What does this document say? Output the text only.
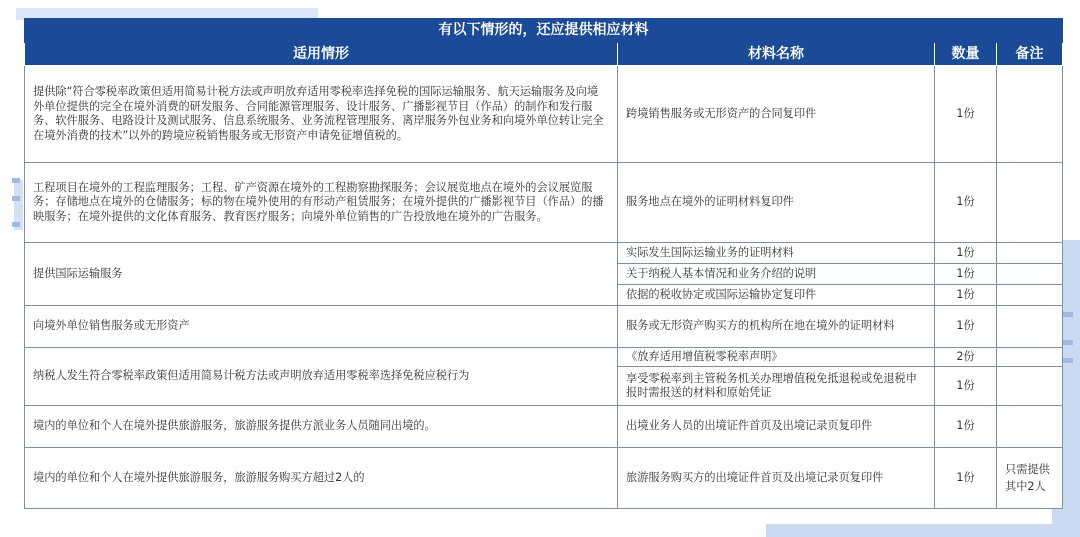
有以下情形的，还应提供相应材料			
适用情形	材料名称	数量	备注
提供除“符合零税率政策但适用简易计税方法或声明放弃适用零税率选择免税的国际运输服务、航天运输服务及向境外单位提供的完全在境外消费的研发服务、合同能源管理服务、设计服务、广播影视节目（作品）的制作和发行服务、软件服务、电路设计及测试服务、信息系统服务、业务流程管理服务、离岸服务外包业务和向境外单位转让完全在境外消费的技术”以外的跨境应税销售服务或无形资产申请免征增值税的。	跨境销售服务或无形资产的合同复印件	1份	
工程项目在境外的工程监理服务；工程、矿产资源在境外的工程勘察勘探服务；会议展览地点在境外的会议展览服务；存储地点在境外的仓储服务；标的物在境外使用的有形动产租赁服务；在境外提供的广播影视节目（作品）的播映服务；在境外提供的文化体育服务、教育医疗服务；向境外单位销售的广告投放地在境外的广告服务。	服务地点在境外的证明材料复印件	1份	
提供国际运输服务	实际发生国际运输业务的证明材料	1份	
	关于纳税人基本情况和业务介绍的说明	1份	
	依据的税收协定或国际运输协定复印件	1份	
向境外单位销售服务或无形资产	服务或无形资产购买方的机构所在地在境外的证明材料	1份	
纳税人发生符合零税率政策但适用简易计税方法或声明放弃适用零税率选择免税应税行为	《放弃适用增值税零税率声明》	2份	
	享受零税率到主管税务机关办理增值税免抵退税或免退税申报时需报送的材料和原始凭证	1份	
境内的单位和个人在境外提供旅游服务，旅游服务提供方派业务人员随同出境的。	出境业务人员的出境证件首页及出境记录页复印件	1份	
境内的单位和个人在境外提供旅游服务，旅游服务购买方超过2人的	旅游服务购买方的出境证件首页及出境记录页复印件	1份	只需提供其中2人
